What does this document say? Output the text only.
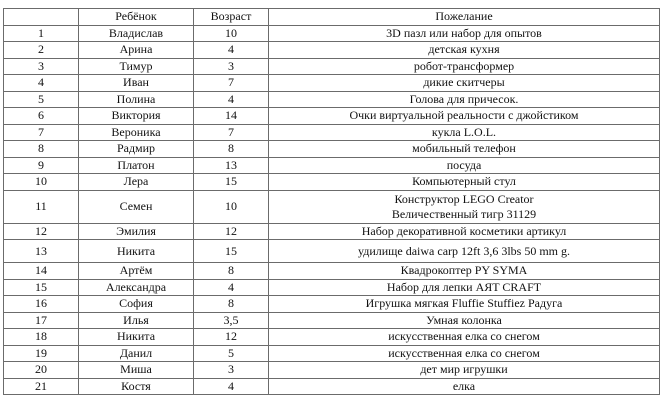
	Ребёнок	Возраст	Пожелание
1	Владислав	10	3D пазл или набор для опытов
2	Арина	4	детская кухня
3	Тимур	3	робот-трансформер
4	Иван	7	дикие скитчеры
5	Полина	4	Голова для причесок.
6	Виктория	14	Очки виртуальной реальности с джойстиком
7	Вероника	7	кукла L.O.L.
8	Радмир	8	мобильный телефон
9	Платон	13	посуда
10	Лера	15	Компьютерный стул
11	Семен	10	Конструктор LEGO Creator
Величественный тигр 31129

12	Эмилия	12	Набор декоративной косметики артикул
13	Никита	15	удилище daiwa carp 12ft 3,6 3lbs 50 mm g.
14	Артём	8	Квадрокоптер PY SYMA
15	Александра	4	Набор для лепки AЯT CRAFT
16	София	8	Игрушка мягкая Fluffie Stuffiez Радуга
17	Илья	3,5	Умная колонка
18	Никита	12	искусственная елка со снегом
19	Данил	5	искусственная елка со снегом
20	Миша	3	дет мир игрушки
21	Костя	4	елка
